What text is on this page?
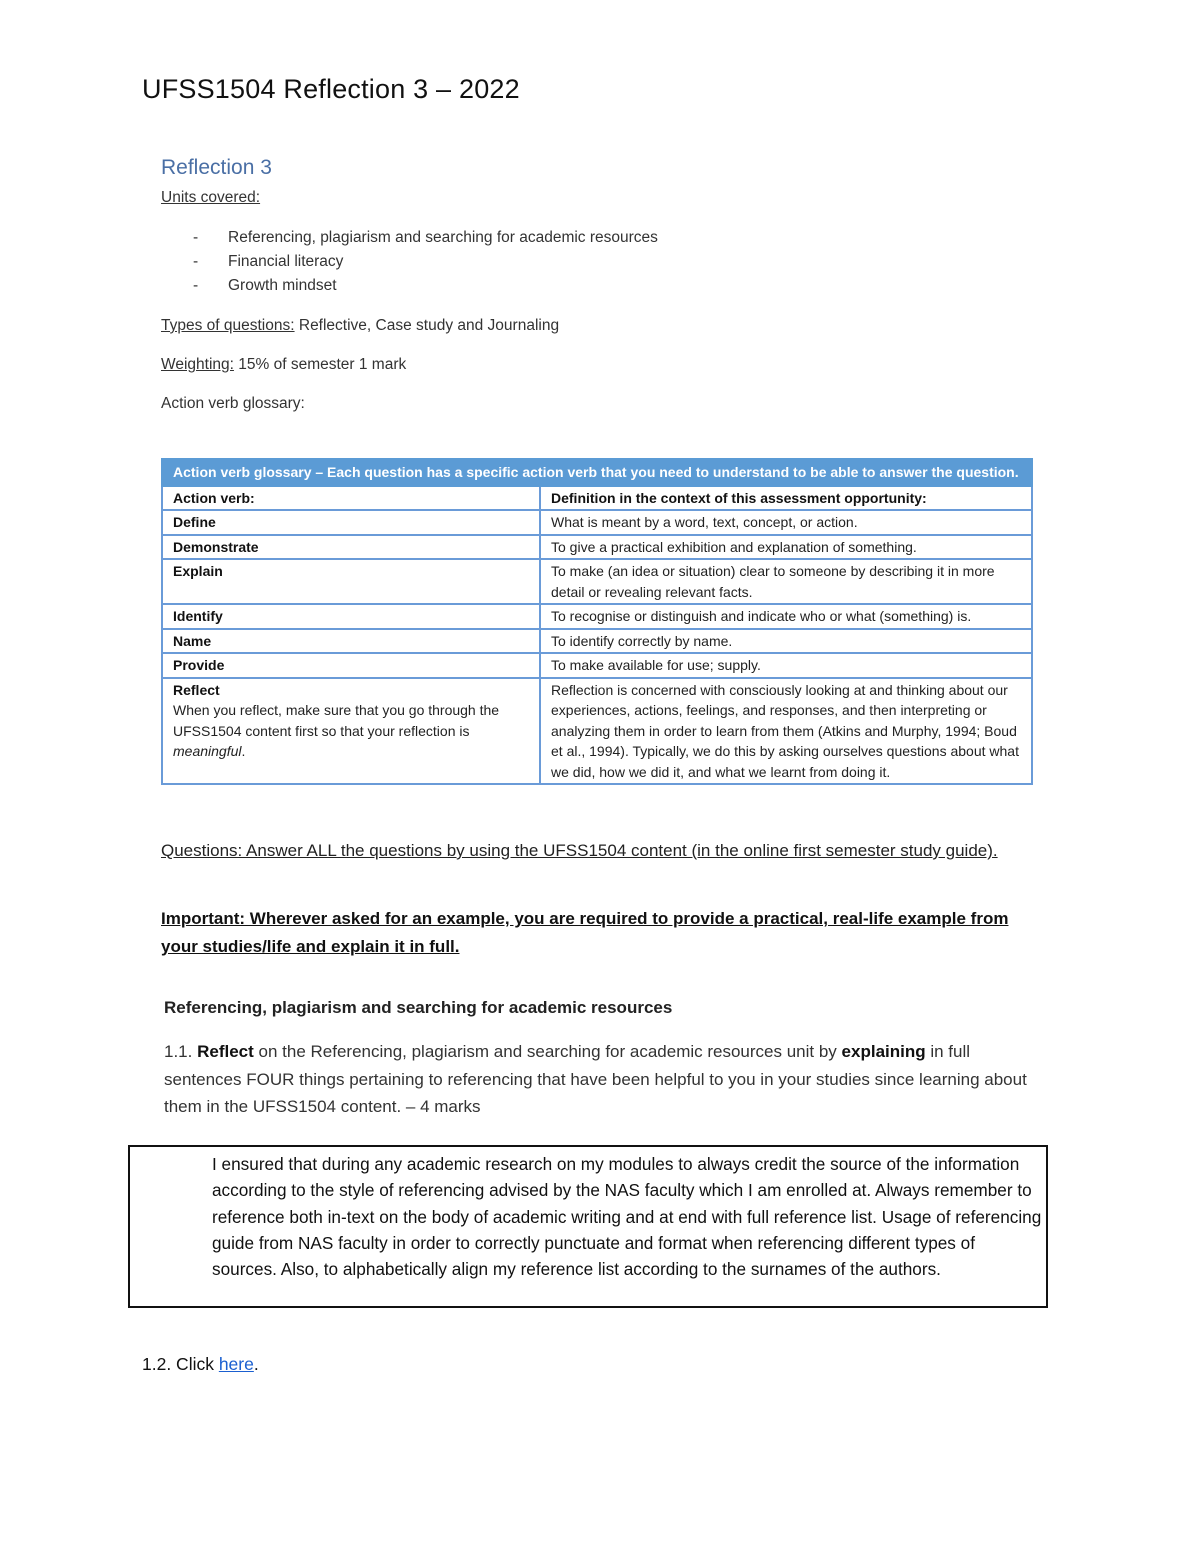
UFSS1504 Reflection 3 – 2022
Reflection 3
Units covered:
-	Referencing, plagiarism and searching for academic resources
-	Financial literacy
-	Growth mindset
Types of questions: Reflective, Case study and Journaling
Weighting: 15% of semester 1 mark
Action verb glossary:
Action verb glossary – Each question has a specific action verb that you need to understand to be able to answer the question.	
Action verb:	Definition in the context of this assessment opportunity:
Define	What is meant by a word, text, concept, or action.
Demonstrate	To give a practical exhibition and explanation of something.
Explain	To make (an idea or situation) clear to someone by describing it in more detail or revealing relevant facts.
Identify	To recognise or distinguish and indicate who or what (something) is.
Name	To identify correctly by name.
Provide	To make available for use; supply.
Reflect
When you reflect, make sure that you go through the UFSS1504 content first so that your reflection is meaningful.	Reflection is concerned with consciously looking at and thinking about our experiences, actions, feelings, and responses, and then interpreting or analyzing them in order to learn from them (Atkins and Murphy, 1994; Boud et al., 1994). Typically, we do this by asking ourselves questions about what we did, how we did it, and what we learnt from doing it.
Questions: Answer ALL the questions by using the UFSS1504 content (in the online first semester study guide).
Important: Wherever asked for an example, you are required to provide a practical, real-life example from your studies/life and explain it in full.
Referencing, plagiarism and searching for academic resources
1.1. Reflect on the Referencing, plagiarism and searching for academic resources unit by explaining in full sentences FOUR things pertaining to referencing that have been helpful to you in your studies since learning about them in the UFSS1504 content. – 4 marks
I ensured that during any academic research on my modules to always credit the source of the information according to the style of referencing advised by the NAS faculty which I am enrolled at. Always remember to reference both in-text on the body of academic writing and at end with full reference list. Usage of referencing guide from NAS faculty in order to correctly punctuate and format when referencing different types of sources. Also, to alphabetically align my reference list according to the surnames of the authors.
1.2. Click here.
